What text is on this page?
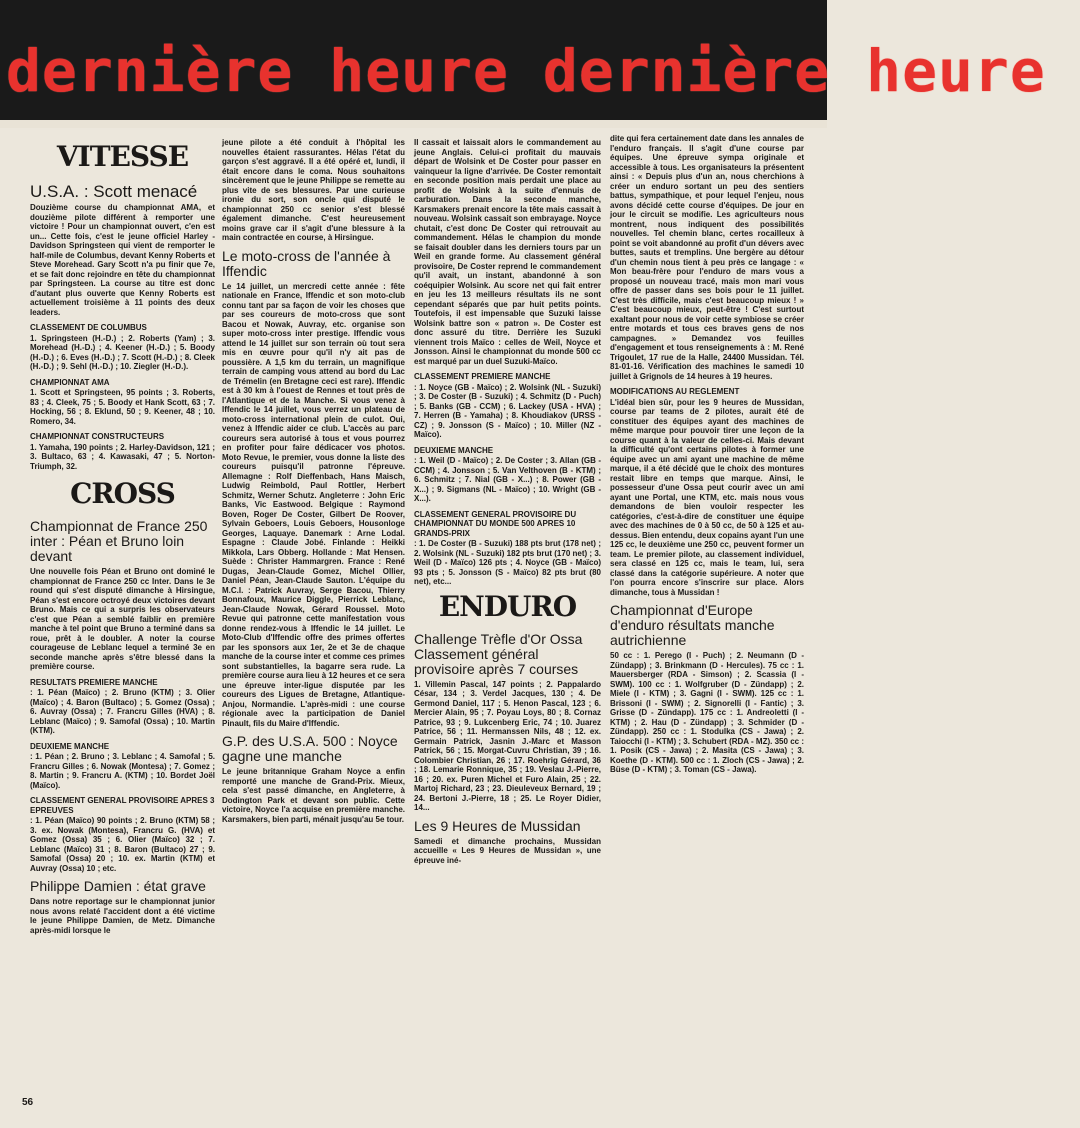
dernière heure dernière heure
VITESSE
U.S.A. : Scott menacé

Douzième course du championnat AMA, et douzième pilote différent à remporter une victoire ! Pour un championnat ouvert, c'en est un... Cette fois, c'est le jeune officiel Harley - Davidson Springsteen qui vient de remporter le half-mile de Columbus, devant Kenny Roberts et Steve Morehead. Gary Scott n'a pu finir que 7e, et se fait donc rejoindre en tête du championnat par Springsteen. La course au titre est donc d'autant plus ouverte que Kenny Roberts est actuellement troisième à 11 points des deux leaders.

CLASSEMENT DE COLUMBUS

1. Springsteen (H.-D.) ; 2. Roberts (Yam) ; 3. Morehead (H.-D.) ; 4. Keener (H.-D.) ; 5. Boody (H.-D.) ; 6. Eves (H.-D.) ; 7. Scott (H.-D.) ; 8. Cleek (H.-D.) ; 9. Sehl (H.-D.) ; 10. Ziegler (H.-D.).

CHAMPIONNAT AMA

1. Scott et Springsteen, 95 points ; 3. Roberts, 83 ; 4. Cleek, 75 ; 5. Boody et Hank Scott, 63 ; 7. Hocking, 56 ; 8. Eklund, 50 ; 9. Keener, 48 ; 10. Romero, 34.

CHAMPIONNAT CONSTRUCTEURS

1. Yamaha, 190 points ; 2. Harley-Davidson, 121 ; 3. Bultaco, 63 ; 4. Kawasaki, 47 ; 5. Norton-Triumph, 32.

CROSS
Championnat de France 250 inter : Péan et Bruno loin devant

Une nouvelle fois Péan et Bruno ont dominé le championnat de France 250 cc Inter. Dans le 3e round qui s'est disputé dimanche à Hirsingue, Péan s'est encore octroyé deux victoires devant Bruno. Mais ce qui a surpris les observateurs c'est que Péan a semblé faiblir en première manche à tel point que Bruno a terminé dans sa roue, prêt à le doubler. A noter la course courageuse de Leblanc lequel a terminé 3e en seconde manche après s'être blessé dans la première course.

RESULTATS PREMIERE MANCHE

: 1. Péan (Maïco) ; 2. Bruno (KTM) ; 3. Olier (Maïco) ; 4. Baron (Bultaco) ; 5. Gomez (Ossa) ; 6. Auvray (Ossa) ; 7. Francru Gilles (HVA) ; 8. Leblanc (Maïco) ; 9. Samofal (Ossa) ; 10. Martin (KTM).

DEUXIEME MANCHE

: 1. Péan ; 2. Bruno ; 3. Leblanc ; 4. Samofal ; 5. Francru Gilles ; 6. Nowak (Montesa) ; 7. Gomez ; 8. Martin ; 9. Francru A. (KTM) ; 10. Bordet Joël (Maïco).

CLASSEMENT GENERAL PROVISOIRE APRES 3 EPREUVES

: 1. Péan (Maïco) 90 points ; 2. Bruno (KTM) 58 ; 3. ex. Nowak (Montesa), Francru G. (HVA) et Gomez (Ossa) 35 ; 6. Olier (Maïco) 32 ; 7. Leblanc (Maïco) 31 ; 8. Baron (Bultaco) 27 ; 9. Samofal (Ossa) 20 ; 10. ex. Martin (KTM) et Auvray (Ossa) 10 ; etc.

Philippe Damien : état grave

Dans notre reportage sur le championnat junior nous avons relaté l'accident dont a été victime le jeune Philippe Damien, de Metz. Dimanche après-midi lorsque le

jeune pilote a été conduit à l'hôpital les nouvelles étaient rassurantes. Hélas l'état du garçon s'est aggravé. Il a été opéré et, lundi, il était encore dans le coma. Nous souhaitons sincèrement que le jeune Philippe se remette au plus vite de ses blessures. Par une curieuse ironie du sort, son oncle qui disputé le championnat 250 cc senior s'est blessé également dimanche. C'est heureusement moins grave car il s'agit d'une blessure à la main contractée en course, à Hirsingue.

Le moto-cross de l'année à Iffendic

Le 14 juillet, un mercredi cette année : fête nationale en France, Iffendic et son moto-club connu tant par sa façon de voir les choses que par ses coureurs de moto-cross que sont Bacou et Nowak, Auvray, etc. organise son super moto-cross inter prestige. Iffendic vous attend le 14 juillet sur son terrain où tout sera mis en œuvre pour qu'il n'y ait pas de poussière. A 1,5 km du terrain, un magnifique terrain de camping vous attend au bord du Lac de Trémelin (en Bretagne ceci est rare). Iffendic est à 30 km à l'ouest de Rennes et tout près de l'Atlantique et de la Manche. Si vous venez à Iffendic le 14 juillet, vous verrez un plateau de moto-cross international plein de culot. Oui, venez à Iffendic aider ce club. L'accès au parc coureurs sera autorisé à tous et vous pourrez en profiter pour faire dédicacer vos photos. Moto Revue, le premier, vous donne la liste des coureurs puisqu'il patronne l'épreuve. Allemagne : Rolf Dieffenbach, Hans Maisch, Ludwig Reimbold, Paul Rottler, Herbert Schmitz, Werner Schutz. Angleterre : John Eric Banks, Vic Eastwood. Belgique : Raymond Boven, Roger De Coster, Gilbert De Roover, Sylvain Geboers, Louis Geboers, Housonloge Georges, Laquaye. Danemark : Arne Lodal. Espagne : Claude Jobé. Finlande : Heikki Mikkola, Lars Obberg. Hollande : Mat Hensen. Suède : Christer Hammargren. France : René Dugas, Jean-Claude Gomez, Michel Ollier, Daniel Péan, Jean-Claude Sauton. L'équipe du M.C.I. : Patrick Auvray, Serge Bacou, Thierry Bonnafoux, Maurice Diggle, Pierrick Leblanc, Jean-Claude Nowak, Gérard Roussel. Moto Revue qui patronne cette manifestation vous donne rendez-vous à Iffendic le 14 juillet. Le Moto-Club d'Iffendic offre des primes offertes par les sponsors aux 1er, 2e et 3e de chaque manche de la course inter et comme ces primes sont substantielles, la bagarre sera rude. La première course aura lieu à 12 heures et ce sera une épreuve inter-ligue disputée par les coureurs des Ligues de Bretagne, Atlantique-Anjou, Normandie. L'après-midi : une course régionale avec la participation de Daniel Pinault, fils du Maire d'Iffendic.

G.P. des U.S.A. 500 : Noyce gagne une manche

Le jeune britannique Graham Noyce a enfin remporté une manche de Grand-Prix. Mieux, cela s'est passé dimanche, en Angleterre, à Dodington Park et devant son public. Cette victoire, Noyce l'a acquise en première manche. Karsmakers, bien parti, ménait jusqu'au 5e tour.

Il cassait et laissait alors le commandement au jeune Anglais. Celui-ci profitait du mauvais départ de Wolsink et De Coster pour passer en vainqueur la ligne d'arrivée. De Coster remontait en seconde position mais perdait une place au profit de Wolsink à la suite d'ennuis de carburation. Dans la seconde manche, Karsmakers prenait encore la tête mais cassait à nouveau. Wolsink cassait son embrayage. Noyce chutait, c'est donc De Coster qui retrouvait au commandement. Hélas le champion du monde se faisait doubler dans les derniers tours par un Weil en grande forme. Au classement général provisoire, De Coster reprend le commandement qu'il avait, un instant, abandonné à son coéquipier Wolsink. Au score net qui fait entrer en jeu les 13 meilleurs résultats ils ne sont cependant séparés que par huit petits points. Toutefois, il est impensable que Suzuki laisse Wolsink battre son « patron ». De Coster est donc assuré du titre. Derrière les Suzuki viennent trois Maïco : celles de Weil, Noyce et Jonsson. Ainsi le championnat du monde 500 cc est marqué par un duel Suzuki-Maïco.

CLASSEMENT PREMIERE MANCHE

: 1. Noyce (GB - Maïco) ; 2. Wolsink (NL - Suzuki) ; 3. De Coster (B - Suzuki) ; 4. Schmitz (D - Puch) ; 5. Banks (GB - CCM) ; 6. Lackey (USA - HVA) ; 7. Herren (B - Yamaha) ; 8. Khoudiakov (URSS - CZ) ; 9. Jonsson (S - Maïco) ; 10. Miller (NZ - Maïco).

DEUXIEME MANCHE

: 1. Weil (D - Maïco) ; 2. De Coster ; 3. Allan (GB - CCM) ; 4. Jonsson ; 5. Van Velthoven (B - KTM) ; 6. Schmitz ; 7. Nial (GB - X...) ; 8. Power (GB - X...) ; 9. Sigmans (NL - Maïco) ; 10. Wright (GB - X...).

CLASSEMENT GENERAL PROVISOIRE DU CHAMPIONNAT DU MONDE 500 APRES 10 GRANDS-PRIX

: 1. De Coster (B - Suzuki) 188 pts brut (178 net) ; 2. Wolsink (NL - Suzuki) 182 pts brut (170 net) ; 3. Weil (D - Maïco) 126 pts ; 4. Noyce (GB - Maïco) 93 pts ; 5. Jonsson (S - Maïco) 82 pts brut (80 net), etc...

ENDURO
Challenge Trèfle d'Or Ossa Classement général provisoire après 7 courses

1. Villemin Pascal, 147 points ; 2. Pappalardo César, 134 ; 3. Verdel Jacques, 130 ; 4. De Germond Daniel, 117 ; 5. Henon Pascal, 123 ; 6. Mercier Alain, 95 ; 7. Poyau Loys, 80 ; 8. Cornaz Patrice, 93 ; 9. Lukcenberg Eric, 74 ; 10. Juarez Patrice, 56 ; 11. Hermanssen Nils, 48 ; 12. ex. Germain Patrick, Jasnin J.-Marc et Masson Patrick, 56 ; 15. Morgat-Cuvru Christian, 39 ; 16. Colombier Christian, 26 ; 17. Roehrig Gérard, 36 ; 18. Lemarie Ronnique, 35 ; 19. Veslau J.-Pierre, 16 ; 20. ex. Puren Michel et Furo Alain, 25 ; 22. Martoj Richard, 23 ; 23. Dieuleveux Bernard, 19 ; 24. Bertoni J.-Pierre, 18 ; 25. Le Royer Didier, 14...

Les 9 Heures de Mussidan

Samedi et dimanche prochains, Mussidan accueille « Les 9 Heures de Mussidan », une épreuve iné-

dite qui fera certainement date dans les annales de l'enduro français. Il s'agit d'une course par équipes. Une épreuve sympa originale et accessible à tous. Les organisateurs la présentent ainsi : « Depuis plus d'un an, nous cherchions à créer un enduro sortant un peu des sentiers battus, sympathique, et pour lequel l'enjeu, nous avons décidé cette course d'équipes. De jour en jour le circuit se modifie. Les agriculteurs nous montrent, nous indiquent des possibilités nouvelles. Tel chemin blanc, certes rocailleux à point se voit abandonné au profit d'un dévers avec buttes, sauts et tremplins. Une bergère au détour d'un chemin nous tient à peu près ce langage : « Mon beau-frère pour l'enduro de mars vous a proposé un nouveau tracé, mais mon mari vous offre de passer dans ses bois pour le 11 juillet. C'est très difficile, mais c'est beaucoup mieux ! » C'est beaucoup mieux, peut-être ! C'est surtout exaltant pour nous de voir cette symbiose se créer entre motards et tous ces braves gens de nos campagnes. » Demandez vos feuilles d'engagement et tous renseignements à : M. René Trigoulet, 17 rue de la Halle, 24400 Mussidan. Tél. 81-01-16. Vérification des machines le samedi 10 juillet à Grignols de 14 heures à 19 heures.

MODIFICATIONS AU REGLEMENT

L'idéal bien sûr, pour les 9 heures de Mussidan, course par teams de 2 pilotes, aurait été de constituer des équipes ayant des machines de même marque pour pouvoir tirer une leçon de la course quant à la valeur de celles-ci. Mais devant la difficulté qu'ont certains pilotes à former une équipe avec un ami ayant une machine de même marque, il a été décidé que le choix des montures restait libre en temps que marque. Ainsi, le possesseur d'une Ossa peut courir avec un ami ayant une Portal, une KTM, etc. mais nous vous demandons de bien vouloir respecter les catégories, c'est-à-dire de constituer une équipe avec des machines de 0 à 50 cc, de 50 à 125 et au-dessus. Bien entendu, deux copains ayant l'un une 125 cc, le deuxième une 250 cc, peuvent former un team. Le premier pilote, au classement individuel, sera classé en 125 cc, mais le team, lui, sera classé dans la catégorie supérieure. A noter que l'on pourra encore s'inscrire sur place. Alors dimanche, tous à Mussidan !

Championnat d'Europe d'enduro résultats manche autrichienne

50 cc : 1. Perego (I - Puch) ; 2. Neumann (D - Zündapp) ; 3. Brinkmann (D - Hercules). 75 cc : 1. Mauersberger (RDA - Simson) ; 2. Scassia (I - SWM). 100 cc : 1. Wolfgruber (D - Zündapp) ; 2. Miele (I - KTM) ; 3. Gagni (I - SWM). 125 cc : 1. Brissoni (I - SWM) ; 2. Signorelli (I - Fantic) ; 3. Grisse (D - Zündapp). 175 cc : 1. Andreoletti (I - KTM) ; 2. Hau (D - Zündapp) ; 3. Schmider (D - Zündapp). 250 cc : 1. Stodulka (CS - Jawa) ; 2. Taiocchi (I - KTM) ; 3. Schubert (RDA - MZ). 350 cc : 1. Posik (CS - Jawa) ; 2. Masita (CS - Jawa) ; 3. Koethe (D - KTM). 500 cc : 1. Zloch (CS - Jawa) ; 2. Büse (D - KTM) ; 3. Toman (CS - Jawa).

56
